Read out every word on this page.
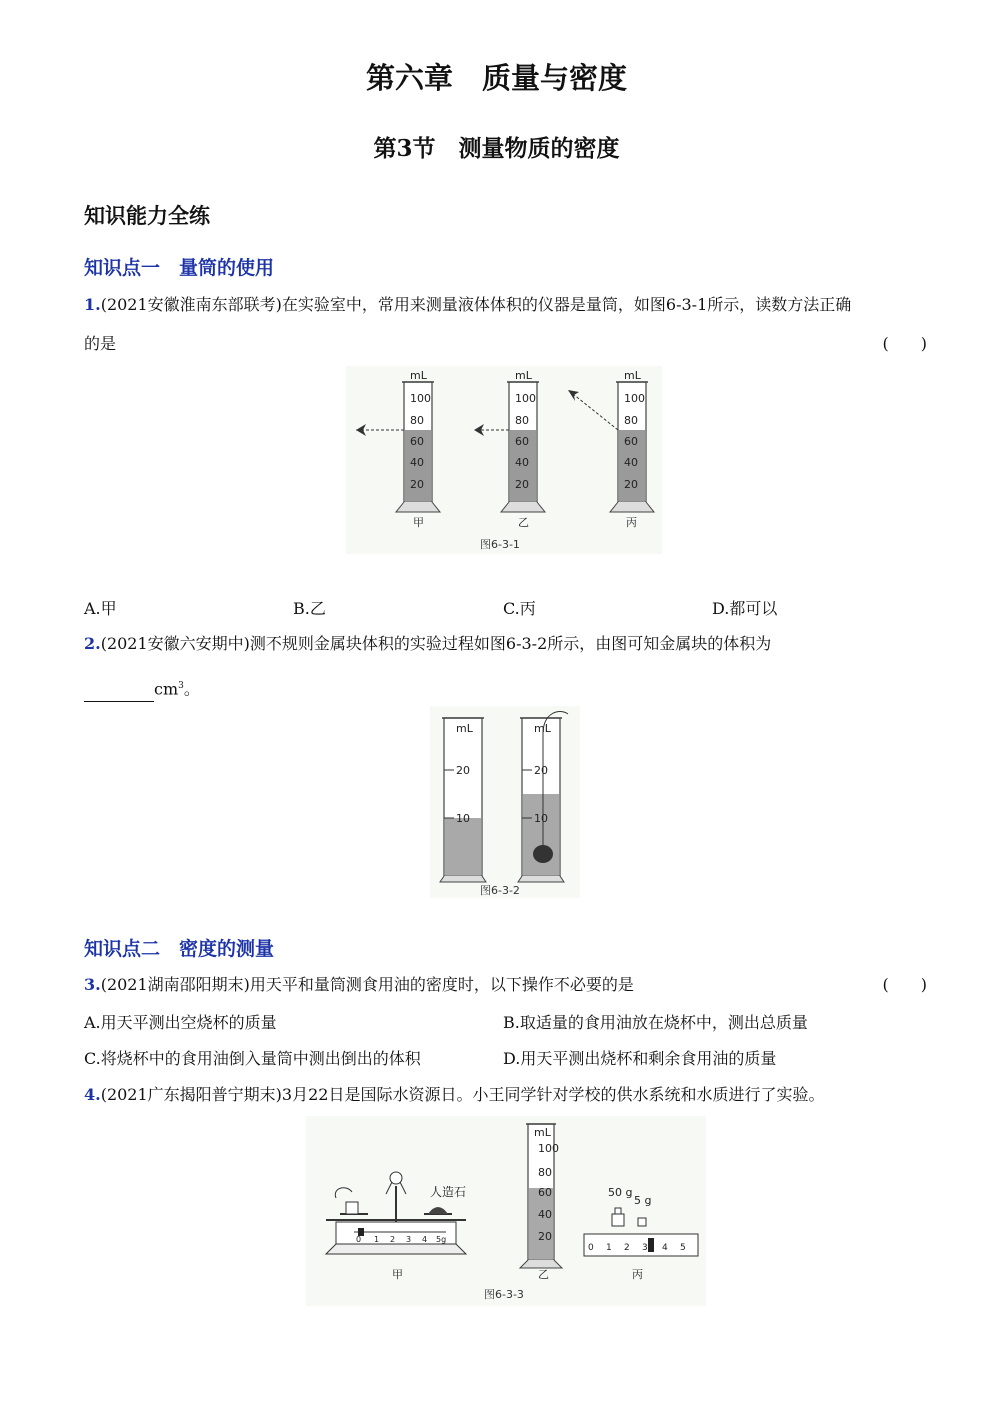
第六章　质量与密度
第3节　测量物质的密度
知识能力全练
知识点一　量筒的使用
1.(2021安徽淮南东部联考)在实验室中，常用来测量液体体积的仪器是量筒，如图6-3-1所示，读数方法正确
的是	(　　)
mL
100
80
60
40
20
甲
mL
100
80
60
40
20
乙
mL
100
80
60
40
20
丙
图6-3-1
A.甲	B.乙	C.丙	D.都可以
2.(2021安徽六安期中)测不规则金属块体积的实验过程如图6-3-2所示，由图可知金属块的体积为
$cm^3$。
mL
20
10
mL
20
10
图6-3-2
知识点二　密度的测量
3.(2021湖南邵阳期末)用天平和量筒测食用油的密度时，以下操作不必要的是	(　　)
A.用天平测出空烧杯的质量	B.取适量的食用油放在烧杯中，测出总质量
C.将烧杯中的食用油倒入量筒中测出倒出的体积	D.用天平测出烧杯和剩余食用油的质量
4.(2021广东揭阳普宁期末)3月22日是国际水资源日。小王同学针对学校的供水系统和水质进行了实验。
0 1 2 3 4 5g
人造石
甲
mL
100
80
60
40
20
乙
50 g
5 g
0 1 2 3 4 5
丙
图6-3-3
